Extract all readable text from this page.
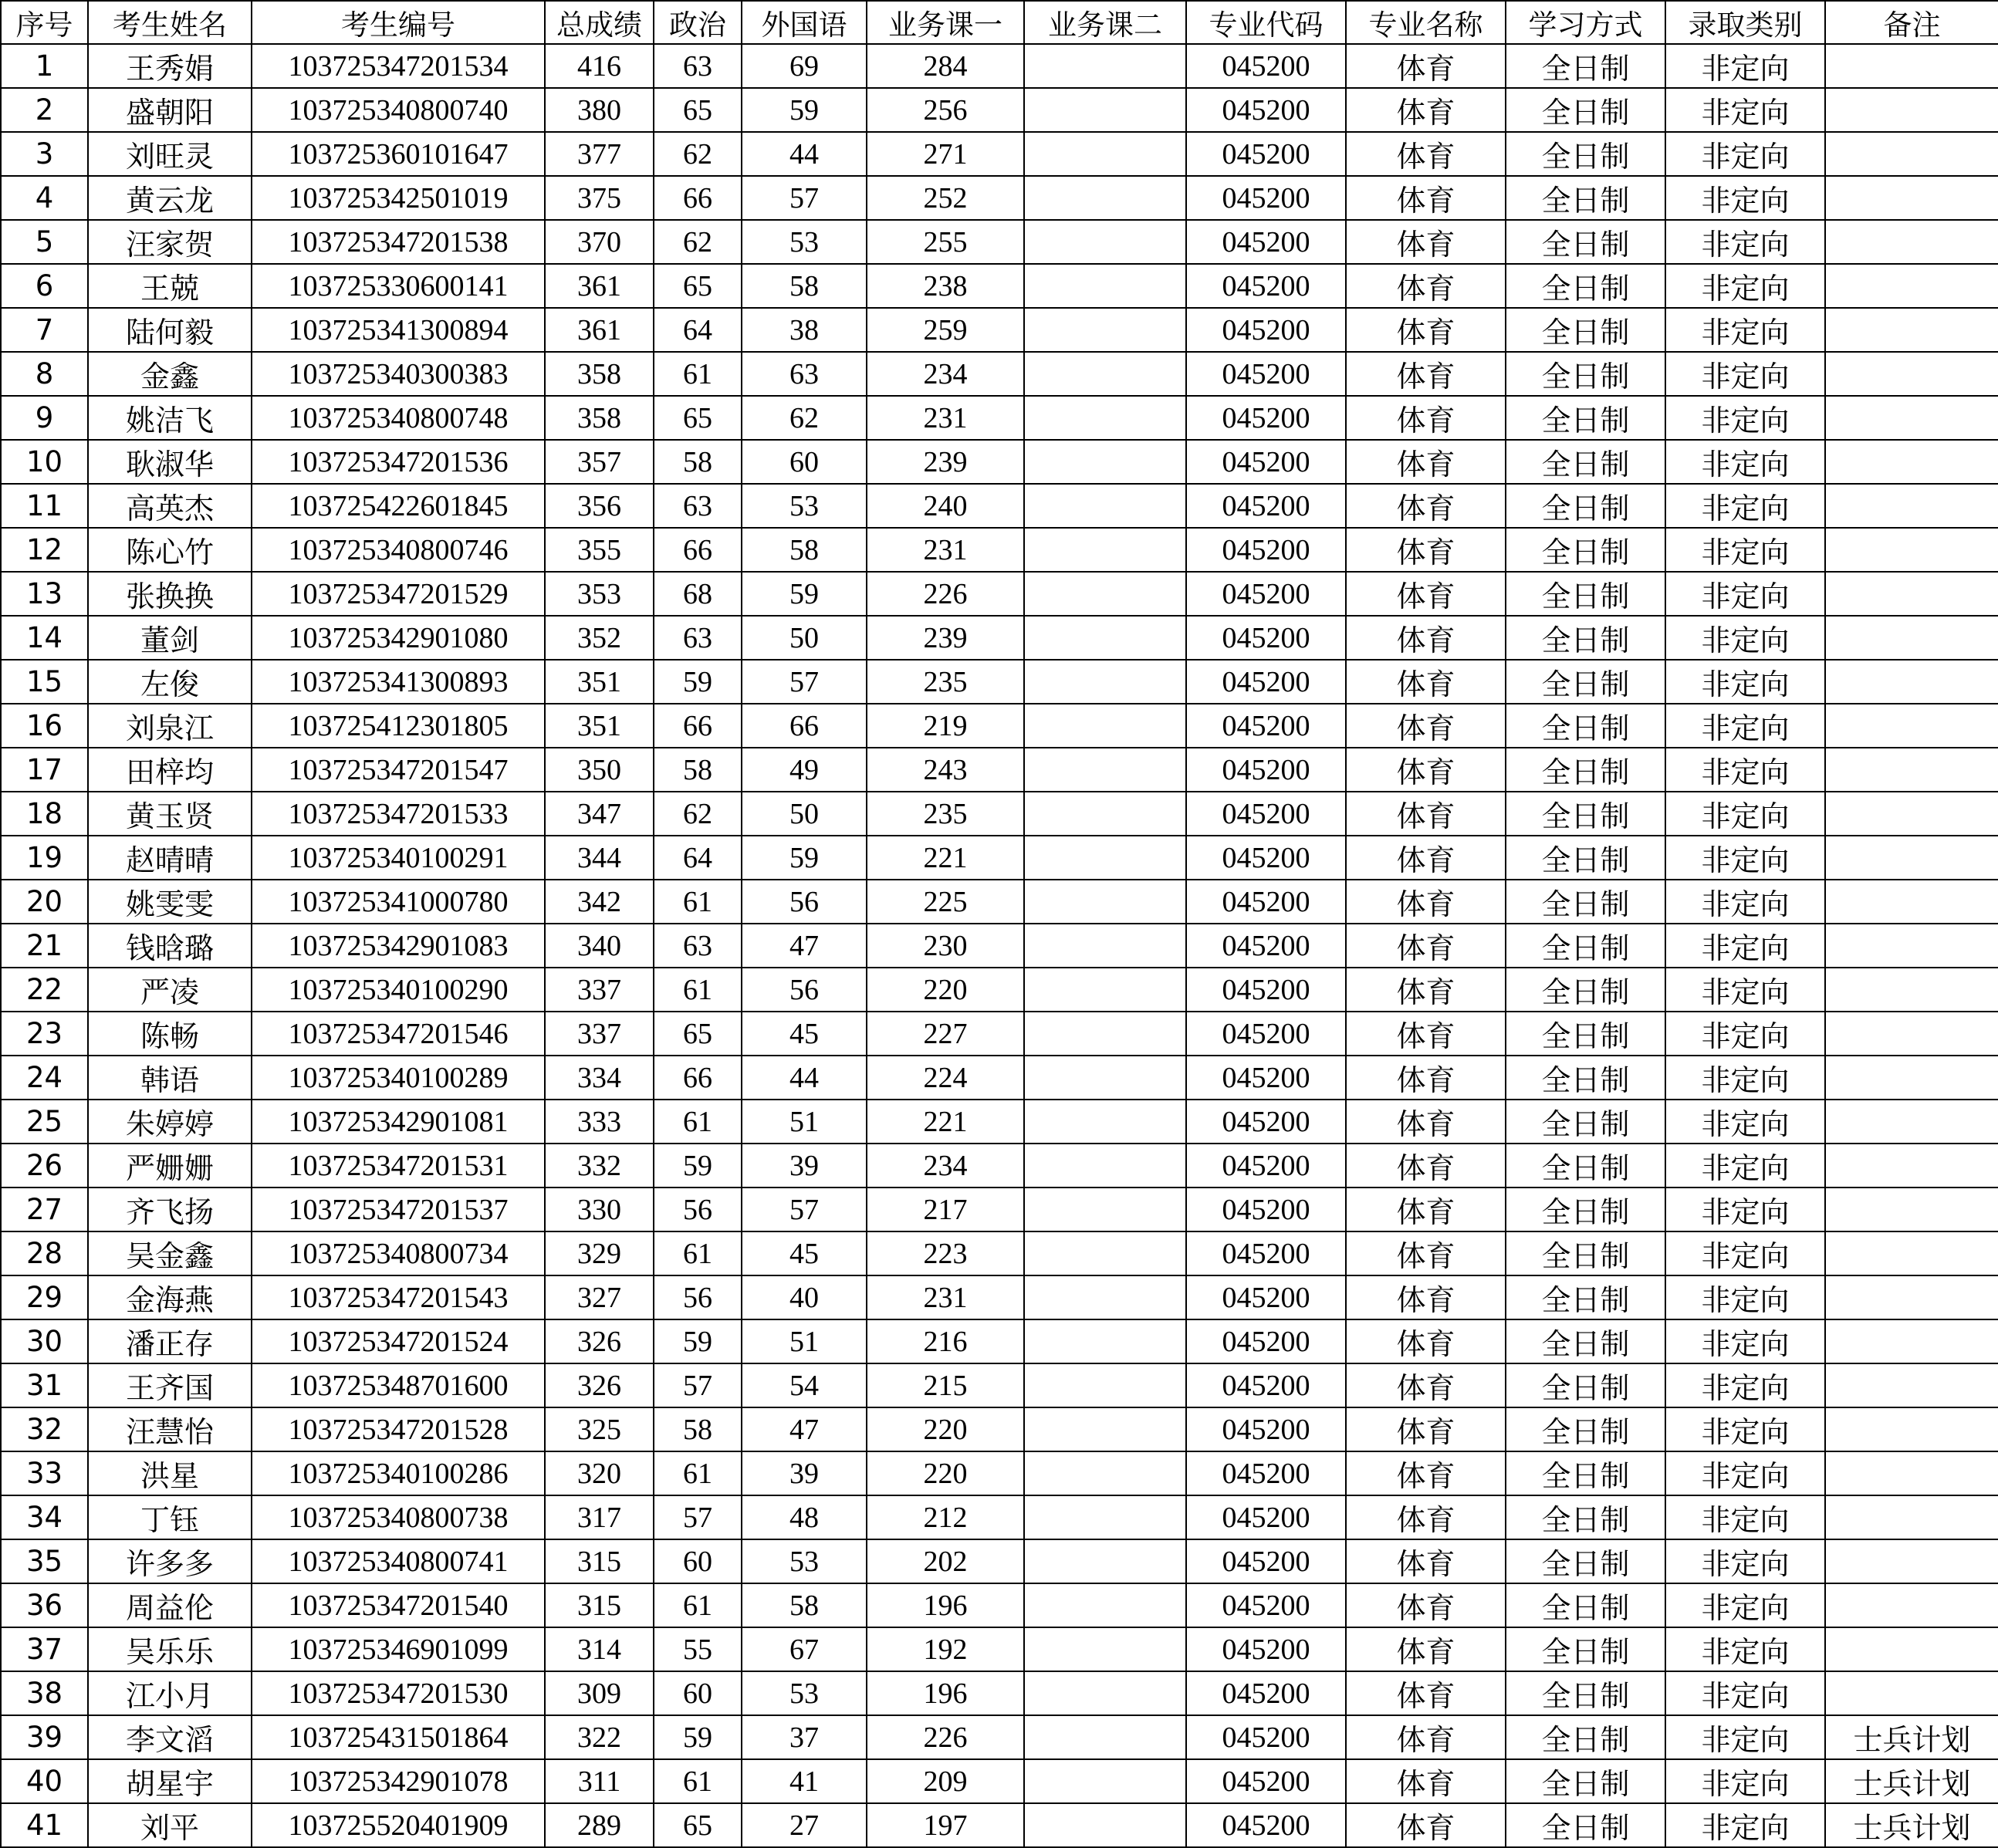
序号	考生姓名	考生编号	总成绩	政治	外国语	业务课一	业务课二	专业代码	专业名称	学习方式	录取类别	备注
1	王秀娟	103725347201534	416	63	69	284		045200	体育	全日制	非定向	
2	盛朝阳	103725340800740	380	65	59	256		045200	体育	全日制	非定向	
3	刘旺灵	103725360101647	377	62	44	271		045200	体育	全日制	非定向	
4	黄云龙	103725342501019	375	66	57	252		045200	体育	全日制	非定向	
5	汪家贺	103725347201538	370	62	53	255		045200	体育	全日制	非定向	
6	王兢	103725330600141	361	65	58	238		045200	体育	全日制	非定向	
7	陆何毅	103725341300894	361	64	38	259		045200	体育	全日制	非定向	
8	金鑫	103725340300383	358	61	63	234		045200	体育	全日制	非定向	
9	姚洁飞	103725340800748	358	65	62	231		045200	体育	全日制	非定向	
10	耿淑华	103725347201536	357	58	60	239		045200	体育	全日制	非定向	
11	高英杰	103725422601845	356	63	53	240		045200	体育	全日制	非定向	
12	陈心竹	103725340800746	355	66	58	231		045200	体育	全日制	非定向	
13	张换换	103725347201529	353	68	59	226		045200	体育	全日制	非定向	
14	董剑	103725342901080	352	63	50	239		045200	体育	全日制	非定向	
15	左俊	103725341300893	351	59	57	235		045200	体育	全日制	非定向	
16	刘泉江	103725412301805	351	66	66	219		045200	体育	全日制	非定向	
17	田梓均	103725347201547	350	58	49	243		045200	体育	全日制	非定向	
18	黄玉贤	103725347201533	347	62	50	235		045200	体育	全日制	非定向	
19	赵晴晴	103725340100291	344	64	59	221		045200	体育	全日制	非定向	
20	姚雯雯	103725341000780	342	61	56	225		045200	体育	全日制	非定向	
21	钱晗璐	103725342901083	340	63	47	230		045200	体育	全日制	非定向	
22	严凌	103725340100290	337	61	56	220		045200	体育	全日制	非定向	
23	陈畅	103725347201546	337	65	45	227		045200	体育	全日制	非定向	
24	韩语	103725340100289	334	66	44	224		045200	体育	全日制	非定向	
25	朱婷婷	103725342901081	333	61	51	221		045200	体育	全日制	非定向	
26	严姗姗	103725347201531	332	59	39	234		045200	体育	全日制	非定向	
27	齐飞扬	103725347201537	330	56	57	217		045200	体育	全日制	非定向	
28	吴金鑫	103725340800734	329	61	45	223		045200	体育	全日制	非定向	
29	金海燕	103725347201543	327	56	40	231		045200	体育	全日制	非定向	
30	潘正存	103725347201524	326	59	51	216		045200	体育	全日制	非定向	
31	王齐国	103725348701600	326	57	54	215		045200	体育	全日制	非定向	
32	汪慧怡	103725347201528	325	58	47	220		045200	体育	全日制	非定向	
33	洪星	103725340100286	320	61	39	220		045200	体育	全日制	非定向	
34	丁钰	103725340800738	317	57	48	212		045200	体育	全日制	非定向	
35	许多多	103725340800741	315	60	53	202		045200	体育	全日制	非定向	
36	周益伦	103725347201540	315	61	58	196		045200	体育	全日制	非定向	
37	吴乐乐	103725346901099	314	55	67	192		045200	体育	全日制	非定向	
38	江小月	103725347201530	309	60	53	196		045200	体育	全日制	非定向	
39	李文滔	103725431501864	322	59	37	226		045200	体育	全日制	非定向	士兵计划
40	胡星宇	103725342901078	311	61	41	209		045200	体育	全日制	非定向	士兵计划
41	刘平	103725520401909	289	65	27	197		045200	体育	全日制	非定向	士兵计划
